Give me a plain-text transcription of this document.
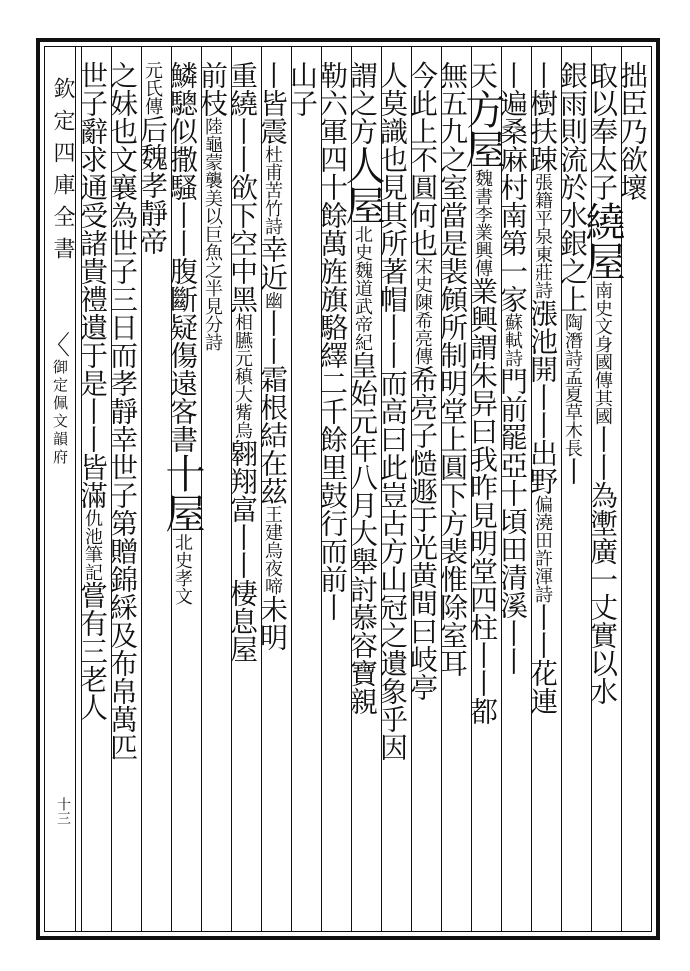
欽定四庫全書
〈
御定佩文韻府
十三
拙臣乃欲壞
取以奉太子繞屋南史文身國傳其國丨丨為壍廣一丈實以水
銀雨則流於水銀之上陶潛詩孟夏草木長丨
丨樹扶踈張籍平泉東莊詩漲池開丨丨出野偏澆田許渾詩丨丨花連
丨遍桑麻村南第一家蘇軾詩門前罷亞十頃田清溪丨丨
天方屋魏書李業興傳業興謂朱异曰我昨見明堂四柱丨丨都
無五九之室當是裴頠所制明堂上圓下方裴惟除室耳
今此上不圓何也宋史陳希亮傳希亮子慥遯于光黄間曰岐亭
人莫識也見其所著帽丨丨而高曰此豈古方山冠之遺象乎因
謂之方人屋北史魏道武帝紀皇始元年八月大舉討慕容寶親
勒六軍四十餘萬旌旗駱繹二千餘里鼓行而前丨
山子
丨皆震杜甫苦竹詩幸近幽丨丨霜根結在茲王建烏夜啼未明
重繞丨丨欲下空中黑相臙元稹大觜烏翱翔富丨丨棲息屋
前枝陸龜蒙襲美以巨魚之半見分詩
鱗驄似撒騷丨丨腹斷疑傷遠客書十屋北史孝文
元氏傳后魏孝靜帝
之妹也文襄為世子三日而孝靜幸世子第贈錦綵及布帛萬匹
世子辭求通受諸貴禮遺于是丨丨皆滿仇池筆記嘗有三老人
